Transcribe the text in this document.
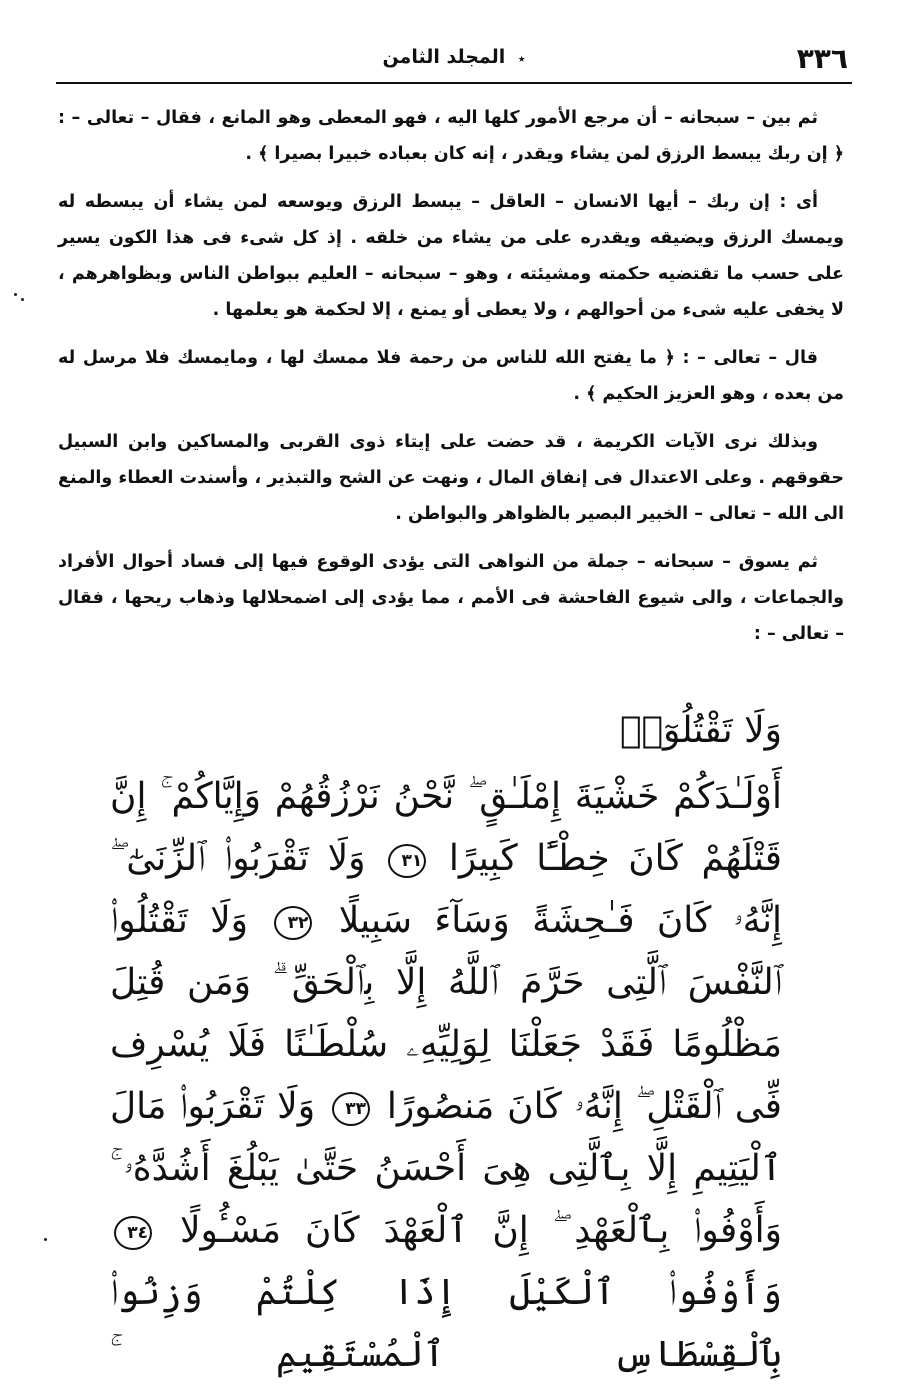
٣٣٦
٭ المجلد الثامن

ثم بين – سبحانه – أن مرجع الأمور كلها اليه ، فهو المعطى وهو المانع ، فقال – تعالى – : ﴿ إن ربك يبسط الرزق لمن يشاء ويقدر ، إنه كان بعباده خبيرا بصيرا ﴾ .

أى : إن ربك – أيها الانسان – العاقل – يبسط الرزق ويوسعه لمن يشاء أن يبسطه له ويمسك الرزق ويضيقه ويقدره على من يشاء من خلقه . إذ كل شىء فى هذا الكون يسير على حسب ما تقتضيه حكمته ومشيئته ، وهو – سبحانه – العليم ببواطن الناس وبظواهرهم ، لا يخفى عليه شىء من أحوالهم ، ولا يعطى أو يمنع ، إلا لحكمة هو يعلمها .

قال – تعالى – : ﴿ ما يفتح الله للناس من رحمة فلا ممسك لها ، ومايمسك فلا مرسل له من بعده ، وهو العزيز الحكيم ﴾ .

وبذلك نرى الآيات الكريمة ، قد حضت على إيتاء ذوى القربى والمساكين وابن السبيل حقوقهم . وعلى الاعتدال فى إنفاق المال ، ونهت عن الشح والتبذير ، وأسندت العطاء والمنع الى الله – تعالى – الخبير البصير بالظواهر والبواطن .

ثم يسوق – سبحانه – جملة من النواهى التى يؤدى الوقوع فيها إلى فساد أحوال الأفراد والجماعات ، والى شيوع الفاحشة فى الأمم ، مما يؤدى إلى اضمحلالها وذهاب ريحها ، فقال – تعالى – :

وَلَا تَقْتُلُوٓا۟
أَوْلَـٰدَكُمْ خَشْيَةَ إِمْلَـٰقٍ ۖ نَّحْنُ نَرْزُقُهُمْ وَإِيَّاكُمْ ۚ إِنَّ قَتْلَهُمْ كَانَ خِطْـًٔا كَبِيرًا ٣١ وَلَا تَقْرَبُوا۟ ٱلزِّنَىٰٓ ۖ إِنَّهُۥ كَانَ فَـٰحِشَةً وَسَآءَ سَبِيلًا ٣٢ وَلَا تَقْتُلُوا۟ ٱلنَّفْسَ ٱلَّتِى حَرَّمَ ٱللَّهُ إِلَّا بِٱلْحَقِّ ۗ وَمَن قُتِلَ مَظْلُومًا فَقَدْ جَعَلْنَا لِوَلِيِّهِۦ سُلْطَـٰنًا فَلَا يُسْرِف فِّى ٱلْقَتْلِ ۖ إِنَّهُۥ كَانَ مَنصُورًا ٣٣ وَلَا تَقْرَبُوا۟ مَالَ ٱلْيَتِيمِ إِلَّا بِٱلَّتِى هِىَ أَحْسَنُ حَتَّىٰ يَبْلُغَ أَشُدَّهُۥ ۚ وَأَوْفُوا۟ بِٱلْعَهْدِ ۖ إِنَّ ٱلْعَهْدَ كَانَ مَسْـُٔولًا ٣٤ وَأَوْفُوا۟ ٱلْكَيْلَ إِذَا كِلْتُمْ وَزِنُوا۟ بِٱلْقِسْطَاسِ ٱلْمُسْتَقِيمِ ۚ
